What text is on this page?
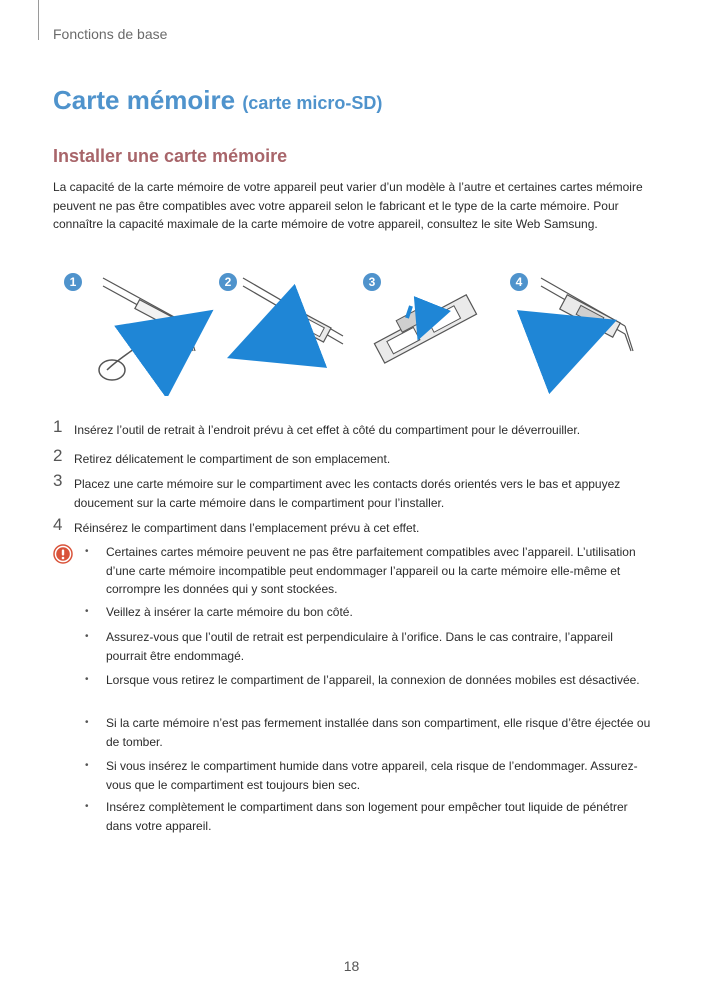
Fonctions de base
Carte mémoire (carte micro-SD)
Installer une carte mémoire

La capacité de la carte mémoire de votre appareil peut varier d’un modèle à l’autre et certaines cartes mémoire peuvent ne pas être compatibles avec votre appareil selon le fabricant et le type de la carte mémoire. Pour connaître la capacité maximale de la carte mémoire de votre appareil, consultez le site Web Samsung.

1	2	3	4
1 Insérez l’outil de retrait à l’endroit prévu à cet effet à côté du compartiment pour le déverrouiller.
2 Retirez délicatement le compartiment de son emplacement.
3 Placez une carte mémoire sur le compartiment avec les contacts dorés orientés vers le bas et appuyez doucement sur la carte mémoire dans le compartiment pour l’installer.
4 Réinsérez le compartiment dans l’emplacement prévu à cet effet.
• Certaines cartes mémoire peuvent ne pas être parfaitement compatibles avec l’appareil. L’utilisation d’une carte mémoire incompatible peut endommager l’appareil ou la carte mémoire elle-même et corrompre les données qui y sont stockées.
• Veillez à insérer la carte mémoire du bon côté.
• Assurez-vous que l’outil de retrait est perpendiculaire à l’orifice. Dans le cas contraire, l’appareil pourrait être endommagé.
• Lorsque vous retirez le compartiment de l’appareil, la connexion de données mobiles est désactivée.
• Si la carte mémoire n’est pas fermement installée dans son compartiment, elle risque d’être éjectée ou de tomber.
• Si vous insérez le compartiment humide dans votre appareil, cela risque de l’endommager. Assurez-vous que le compartiment est toujours bien sec.
• Insérez complètement le compartiment dans son logement pour empêcher tout liquide de pénétrer dans votre appareil.
18
